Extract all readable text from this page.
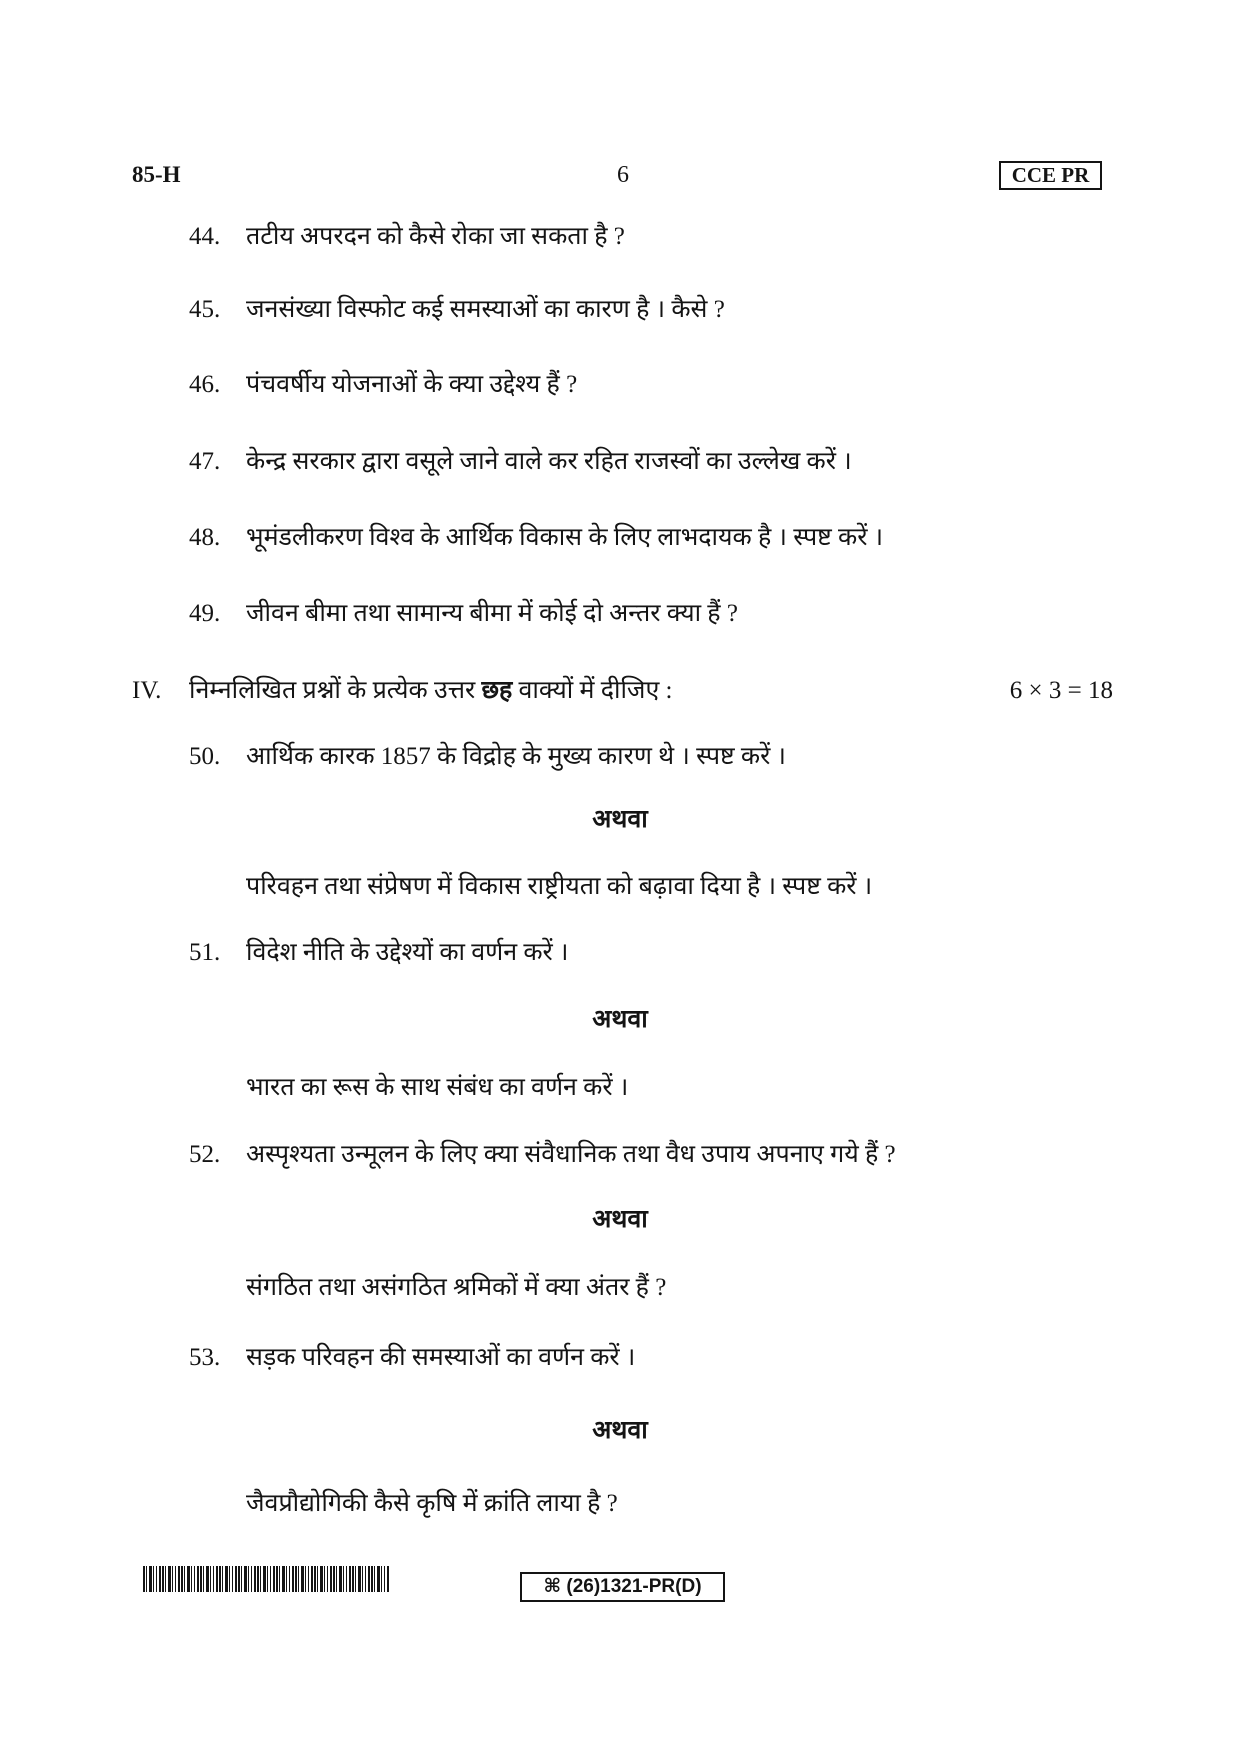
85-H	6	CCE PR
44. तटीय अपरदन को कैसे रोका जा सकता है ?
45. जनसंख्या विस्फोट कई समस्याओं का कारण है । कैसे ?
46. पंचवर्षीय योजनाओं के क्या उद्देश्य हैं ?
47. केन्द्र सरकार द्वारा वसूले जाने वाले कर रहित राजस्वों का उल्लेख करें ।
48. भूमंडलीकरण विश्व के आर्थिक विकास के लिए लाभदायक है । स्पष्ट करें ।
49. जीवन बीमा तथा सामान्य बीमा में कोई दो अन्तर क्या हैं ?
IV. निम्नलिखित प्रश्नों के प्रत्येक उत्तर छह वाक्यों में दीजिए :	6 × 3 = 18
50. आर्थिक कारक 1857 के विद्रोह के मुख्य कारण थे । स्पष्ट करें ।
अथवा
परिवहन तथा संप्रेषण में विकास राष्ट्रीयता को बढ़ावा दिया है । स्पष्ट करें ।
51. विदेश नीति के उद्देश्यों का वर्णन करें ।
अथवा
भारत का रूस के साथ संबंध का वर्णन करें ।
52. अस्पृश्यता उन्मूलन के लिए क्या संवैधानिक तथा वैध उपाय अपनाए गये हैं ?
अथवा
संगठित तथा असंगठित श्रमिकों में क्या अंतर हैं ?
53. सड़क परिवहन की समस्याओं का वर्णन करें ।
अथवा
जैवप्रौद्योगिकी कैसे कृषि में क्रांति लाया है ?
⌘ (26)1321-PR(D)
